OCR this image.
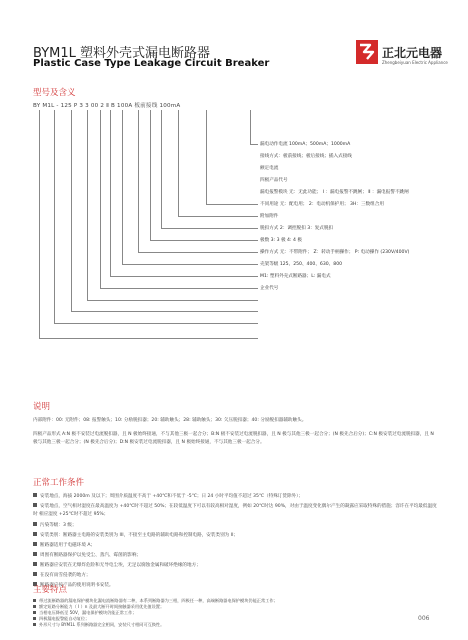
BYM1L 塑料外壳式漏电断路器
Plastic Case Type Leakage Circuit Breaker
正北元电器
Zhengbeiyuan Electric Appliance
型号及含义
BY M1L - 125 P 3 3 00 2 Ⅱ B 100A 板前接线 100mA
漏电动作电流 100mA；500mA；1000mA
接线方式：板前接线；板后接线；插入式接线
额定电流
四极产品代号
漏电报警模块 无：无此功能； Ⅰ ：漏电报警不跳闸； Ⅱ ：漏电报警不跳闸
不同用途 无：配电用； 2：电动机保护用； 3H：三数组合用
附加附件
脱扣方式 2：调控脱扣 3：复式脱扣
极数 3: 3 极 4: 4 极
操作方式 无：不带附件； Z：转动手柄操作； P: 电动操作 (230V/400V)
壳架等级 125、250、400、630、800
M1: 塑料外壳式断路器；L: 漏电式
企业代号
说明
内部附件：00: 无附件；08: 报警触头；10: 分励脱扣器；20: 辅助触头；28: 辅助触头；30: 欠压脱扣器；40: 分励脱扣器辅助触头。
四极产品形式 A:N 极不安装过电流脱扣器，且 N 极始终接通，不与其他三极一起合分；B:N 极不安装过电流脱扣器，且 N 极与其他三极一起合分；(N 极先合后分)；C:N 极安装过电流脱扣器，且 N 极与其他三极一起合分；(N 极先合后分)；D:N 极安装过电流脱扣器，且 N 极始终接通，不与其他三极一起合分。
正常工作条件
安装地点，海拔 2000m 及以下；周围介质温度不高于 +40℃和不低于 -5℃；日 24 小时平均值不超过 35℃（特殊订货除外）；
安装地点，空气相对湿度在最高温度为 +40℃时不超过 50%；在较低温度下可以有较高相对湿度，例如 20℃时达 90%，对由于温度变化偶尔产生的凝露应采取特殊的措施；容许在平均最低温度时 相应湿度 +25℃时不超过 95%；
污染等级：3 级；
安装类别：断路器主电路的安装类别为 III，不接至主电路的辅助电路和控制电路，安装类别为 II；
断路器适用于电磁环境 A；
周围有断路器保护以免受尘、蒸汽、霉菌的影响；
断路器应安装在无爆炸危险和无导电尘埃，无足以腐蚀金属和破坏绝缘的地方；
在没有雨雪侵袭的地方；
断路器应按产品的使用说明书安装。
主要特点
带过流断路器的漏电保护模块化漏电流断路器有二种，本系列断路器为三相，四极任一种，高端断路器电保护模块仍能正常工作；
额定短路分断能力（ I ）n 及最大断开时间接触器采用优先值设置；
当相电压降低至 50V，漏电保护模块仍能正常工作；
四极漏电报警能自动复位；
外形尺寸与 BYM1L 系列断路器完全相同，安装尺寸相同可互换性。
006
